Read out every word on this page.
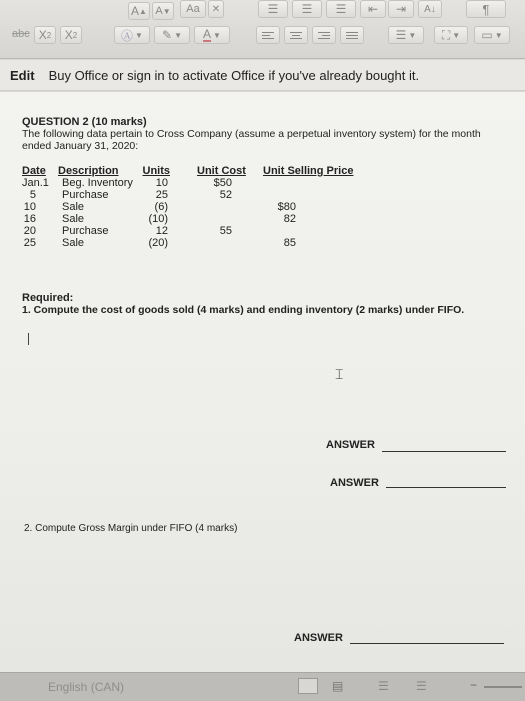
A ▲ A ▼ Aa ✕	☰ ☰ ☰ ⇤ ⇥ A↓	¶
abc X 2 X 2	Ⓐ ▼ ✎ ▼ A ▼	☰ ▼ ⛶ ▼ ▭ ▼
Edit Buy Office or sign in to activate Office if you've already bought it.
QUESTION 2 (10 marks)
The following data pertain to Cross Company (assume a perpetual inventory system) for the month
ended January 31, 2020:
Date Description	Units Unit Cost Unit Selling Price
Jan.1 Beg. Inventory	10	$50
5 Purchase	25	52
10 Sale	(6)	$80
16 Sale	(10)	82
20 Purchase	12	55
25 Sale	(20)	85
Required:
1. Compute the cost of goods sold (4 marks) and ending inventory (2 marks) under FIFO.
⌶
ANSWER
ANSWER
2. Compute Gross Margin under FIFO (4 marks)
ANSWER
English (CAN)	▤	☰ ☰	−
